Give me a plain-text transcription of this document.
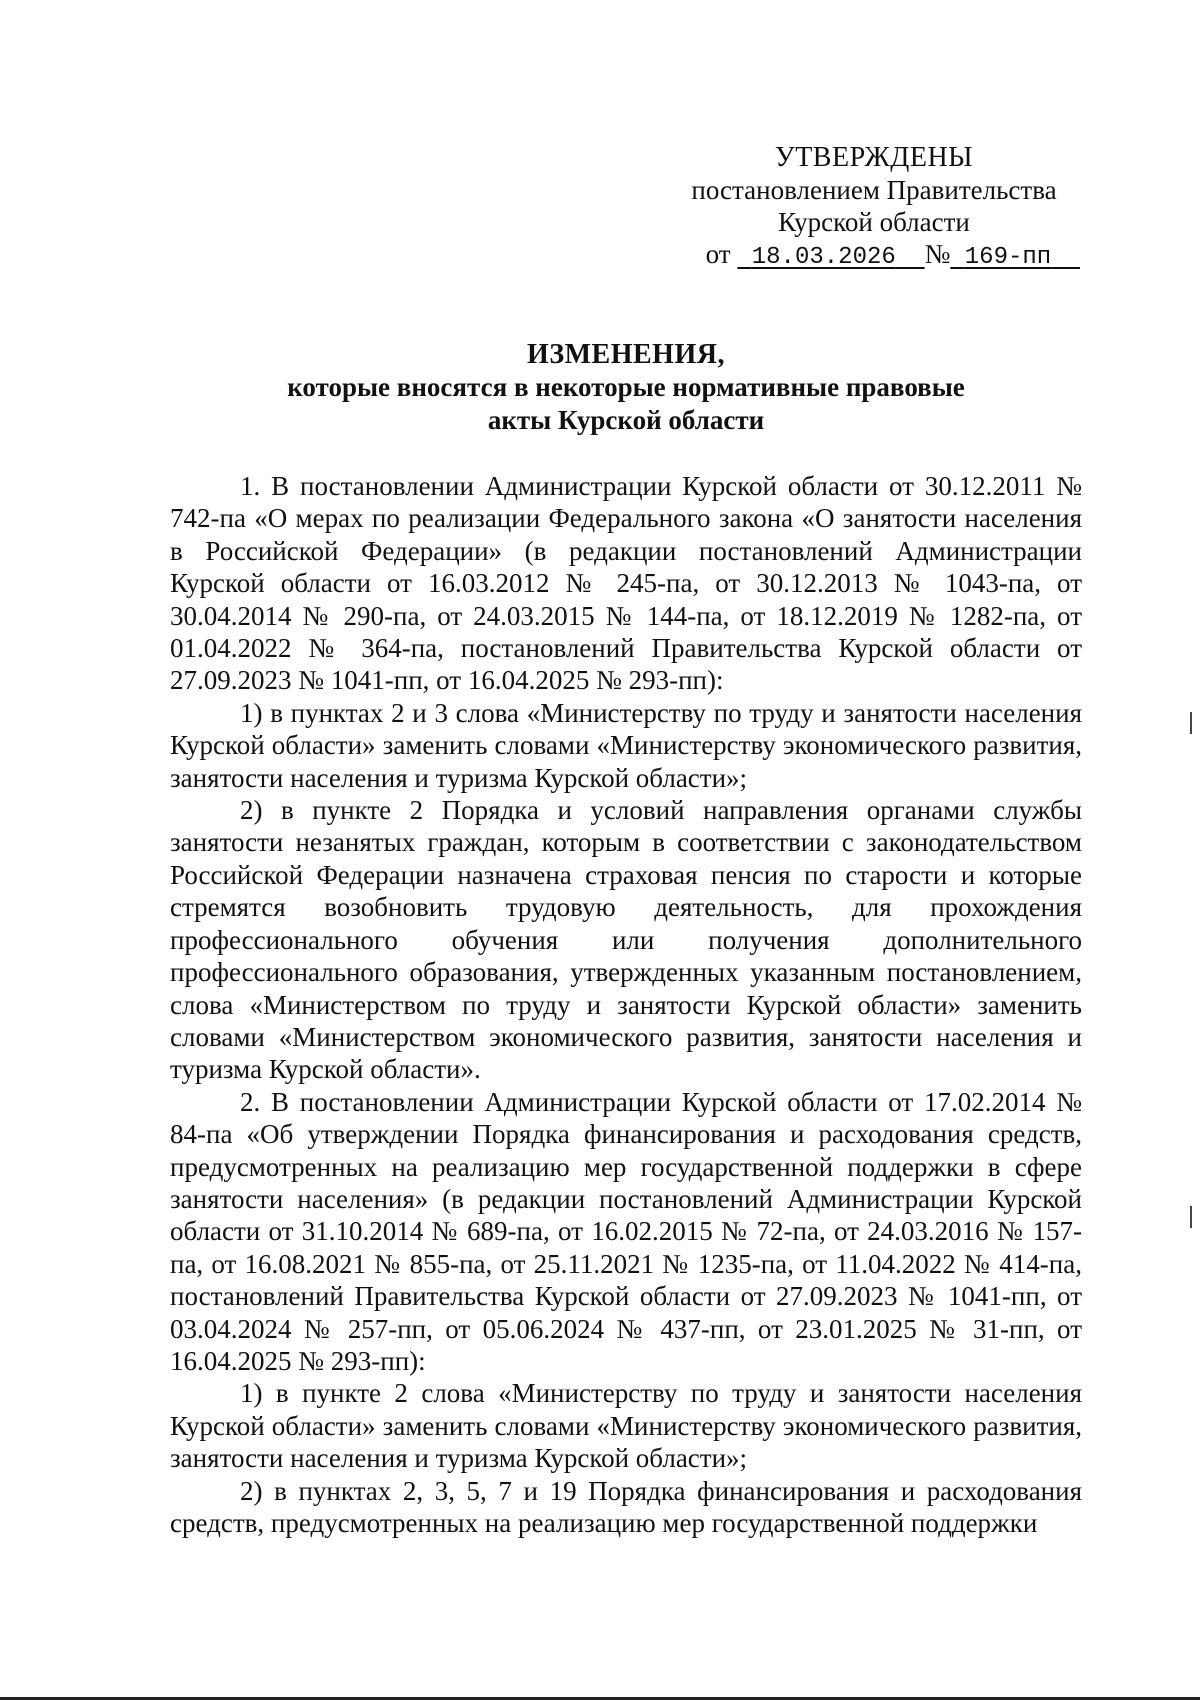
УТВЕРЖДЕНЫ
постановлением Правительства
Курской области
от 18.03.2026 № 169-пп
ИЗМЕНЕНИЯ,
которые вносятся в некоторые нормативные правовые
акты Курской области

1. В постановлении Администрации Курской области от 30.12.2011 № 742-па «О мерах по реализации Федерального закона «О занятости населения в Российской Федерации» (в редакции постановлений Администрации Курской области от 16.03.2012 № 245-па, от 30.12.2013 № 1043-па, от 30.04.2014 № 290-па, от 24.03.2015 № 144-па, от 18.12.2019 № 1282-па, от 01.04.2022 № 364-па, постановлений Правительства Курской области от 27.09.2023 № 1041-пп, от 16.04.2025 № 293-пп):

1) в пунктах 2 и 3 слова «Министерству по труду и занятости населения Курской области» заменить словами «Министерству экономического развития, занятости населения и туризма Курской области»;

2) в пункте 2 Порядка и условий направления органами службы занятости незанятых граждан, которым в соответствии с законодательством Российской Федерации назначена страховая пенсия по старости и которые стремятся возобновить трудовую деятельность, для прохождения профессионального обучения или получения дополнительного профессионального образования, утвержденных указанным постановлением, слова «Министерством по труду и занятости Курской области» заменить словами «Министерством экономического развития, занятости населения и туризма Курской области».

2. В постановлении Администрации Курской области от 17.02.2014 № 84-па «Об утверждении Порядка финансирования и расходования средств, предусмотренных на реализацию мер государственной поддержки в сфере занятости населения» (в редакции постановлений Администрации Курской области от 31.10.2014 № 689-па, от 16.02.2015 № 72-па, от 24.03.2016 № 157-па, от 16.08.2021 № 855-па, от 25.11.2021 № 1235-па, от 11.04.2022 № 414-па, постановлений Правительства Курской области от 27.09.2023 № 1041-пп, от 03.04.2024 № 257-пп, от 05.06.2024 № 437-пп, от 23.01.2025 № 31-пп, от 16.04.2025 № 293-пп):

1) в пункте 2 слова «Министерству по труду и занятости населения Курской области» заменить словами «Министерству экономического развития, занятости населения и туризма Курской области»;

2) в пунктах 2, 3, 5, 7 и 19 Порядка финансирования и расходования средств, предусмотренных на реализацию мер государственной поддержки
